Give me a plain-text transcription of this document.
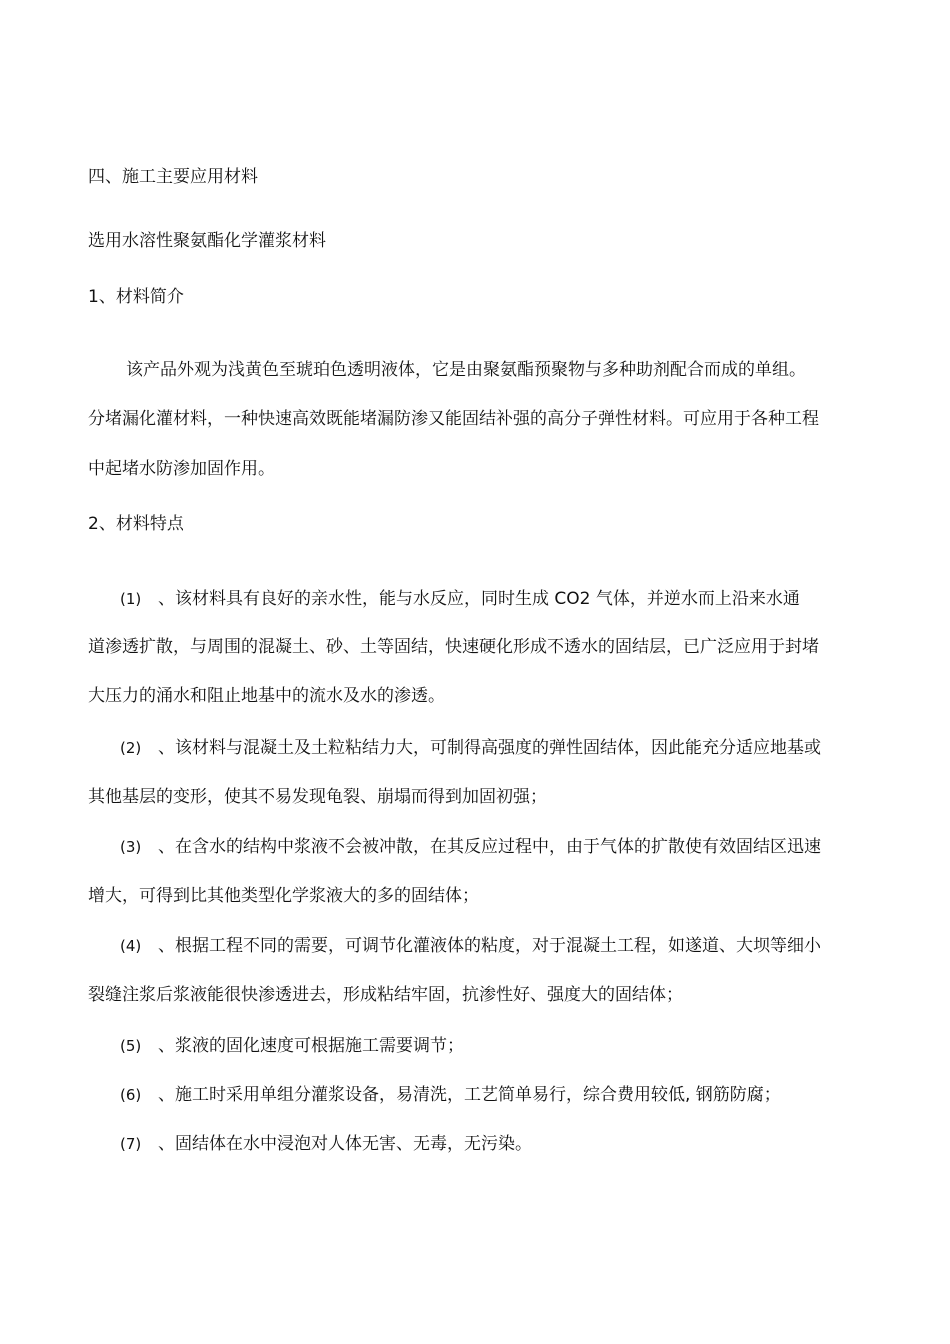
四、施工主要应用材料
选用水溶性聚氨酯化学灌浆材料
1、材料简介
该产品外观为浅黄色至琥珀色透明液体，它是由聚氨酯预聚物与多种助剂配合而成的单组。
分堵漏化灌材料，一种快速高效既能堵漏防渗又能固结补强的高分子弹性材料。可应用于各种工程
中起堵水防渗加固作用。
2、材料特点
(1) 、该材料具有良好的亲水性，能与水反应，同时生成 CO2 气体，并逆水而上沿来水通
道渗透扩散，与周围的混凝土、砂、土等固结，快速硬化形成不透水的固结层，已广泛应用于封堵
大压力的涌水和阻止地基中的流水及水的渗透。
(2) 、该材料与混凝土及土粒粘结力大，可制得高强度的弹性固结体，因此能充分适应地基或
其他基层的变形，使其不易发现龟裂、崩塌而得到加固初强；
(3) 、在含水的结构中浆液不会被冲散，在其反应过程中，由于气体的扩散使有效固结区迅速
增大，可得到比其他类型化学浆液大的多的固结体；
(4) 、根据工程不同的需要，可调节化灌液体的粘度，对于混凝土工程，如遂道、大坝等细小
裂缝注浆后浆液能很快渗透进去，形成粘结牢固，抗渗性好、强度大的固结体；
(5) 、浆液的固化速度可根据施工需要调节；
(6) 、施工时采用单组分灌浆设备，易清洗，工艺简单易行，综合费用较低, 钢筋防腐；
(7) 、固结体在水中浸泡对人体无害、无毒，无污染。
